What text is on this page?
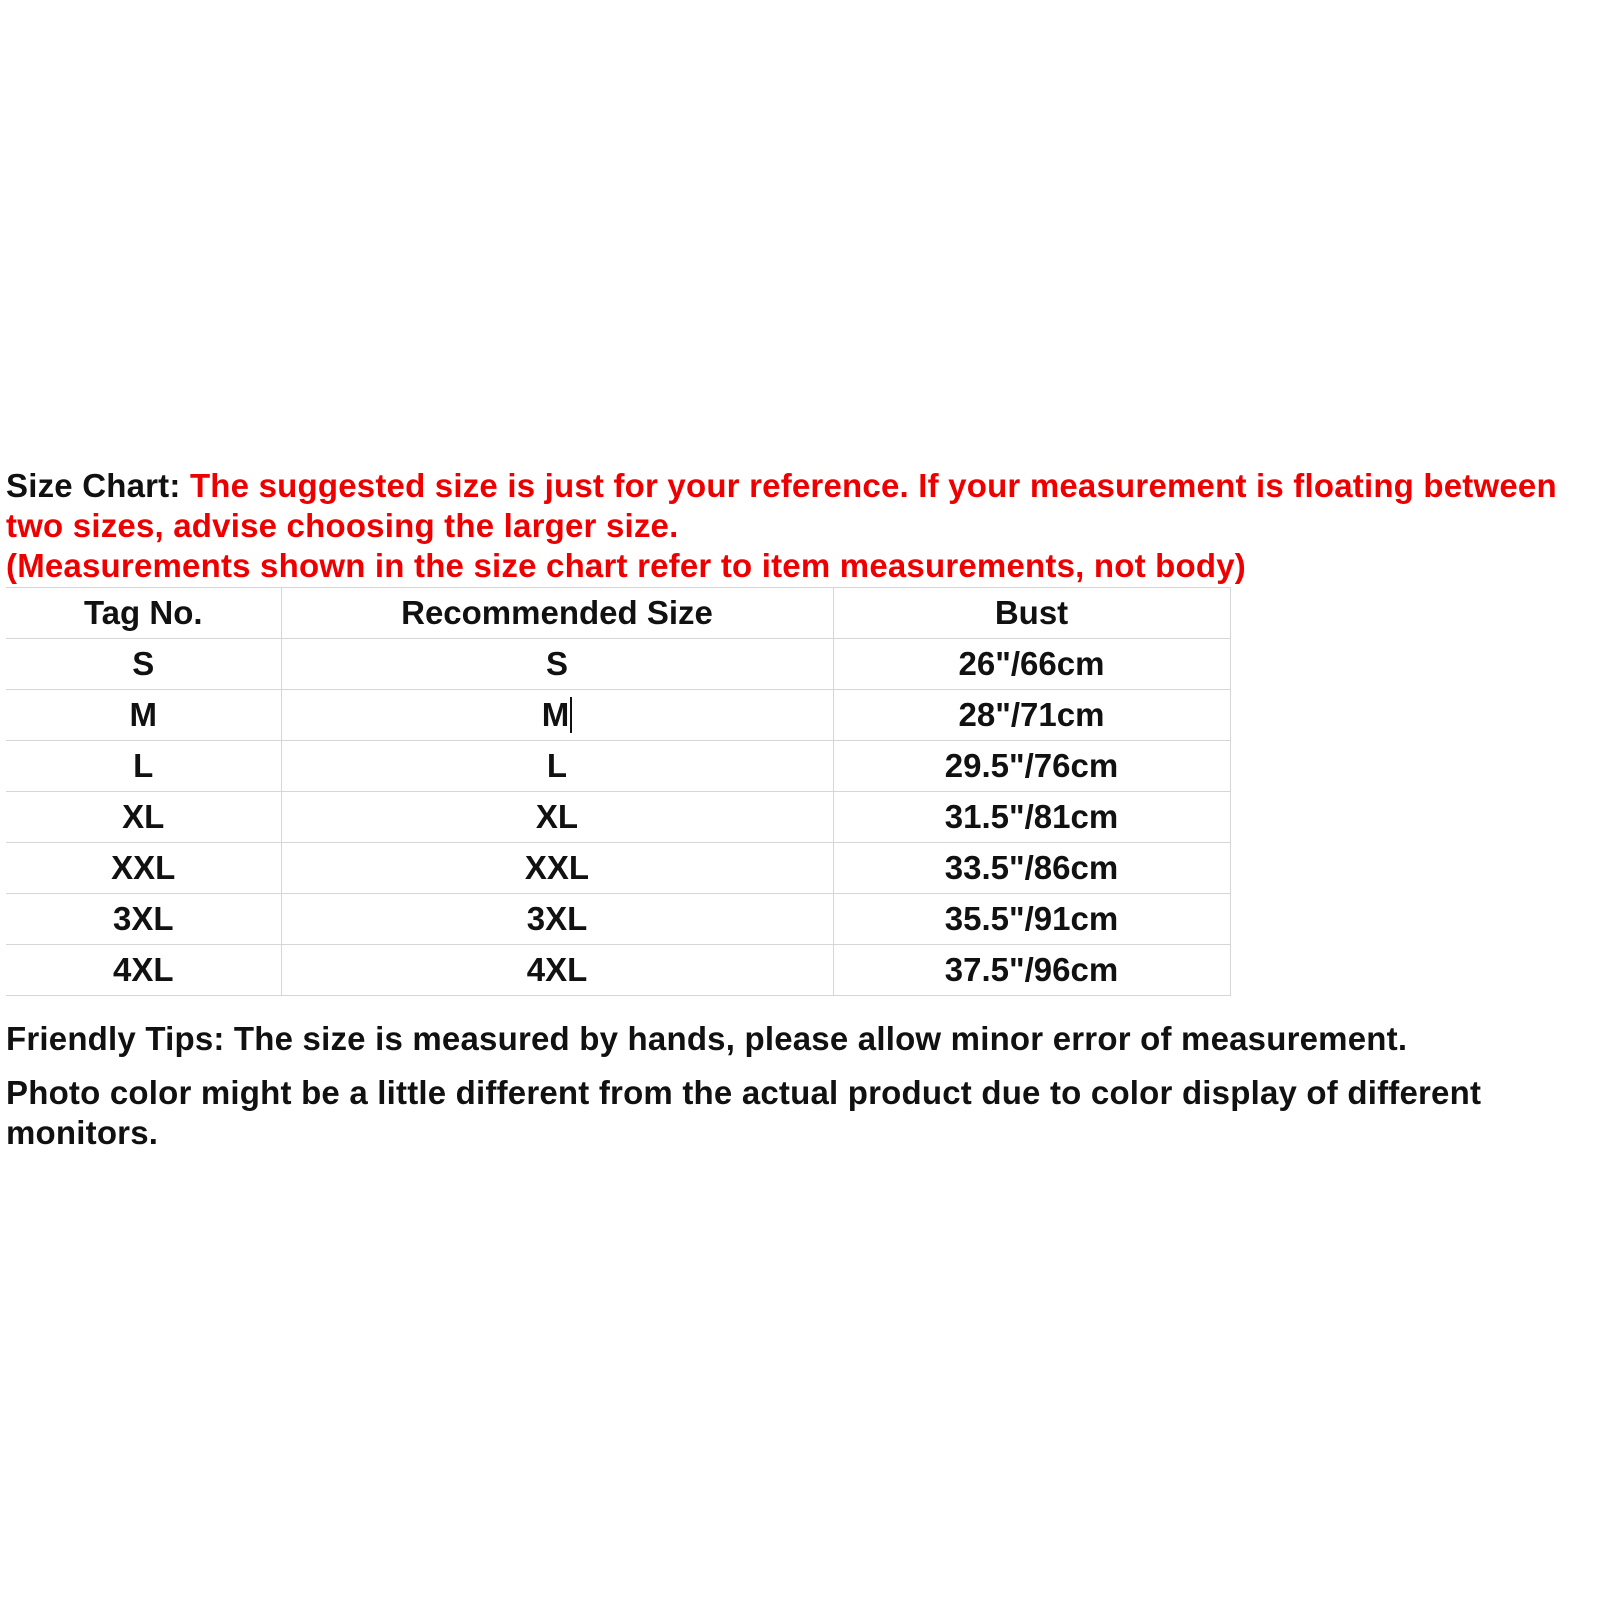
Size Chart: The suggested size is just for your reference. If your measurement is floating between two sizes, advise choosing the larger size.
(Measurements shown in the size chart refer to item measurements, not body)
Tag No.	Recommended Size	Bust
S	S	26"/66cm
M	M	28"/71cm
L	L	29.5"/76cm
XL	XL	31.5"/81cm
XXL	XXL	33.5"/86cm
3XL	3XL	35.5"/91cm
4XL	4XL	37.5"/96cm

Friendly Tips: The size is measured by hands, please allow minor error of measurement.

Photo color might be a little different from the actual product due to color display of different monitors.
